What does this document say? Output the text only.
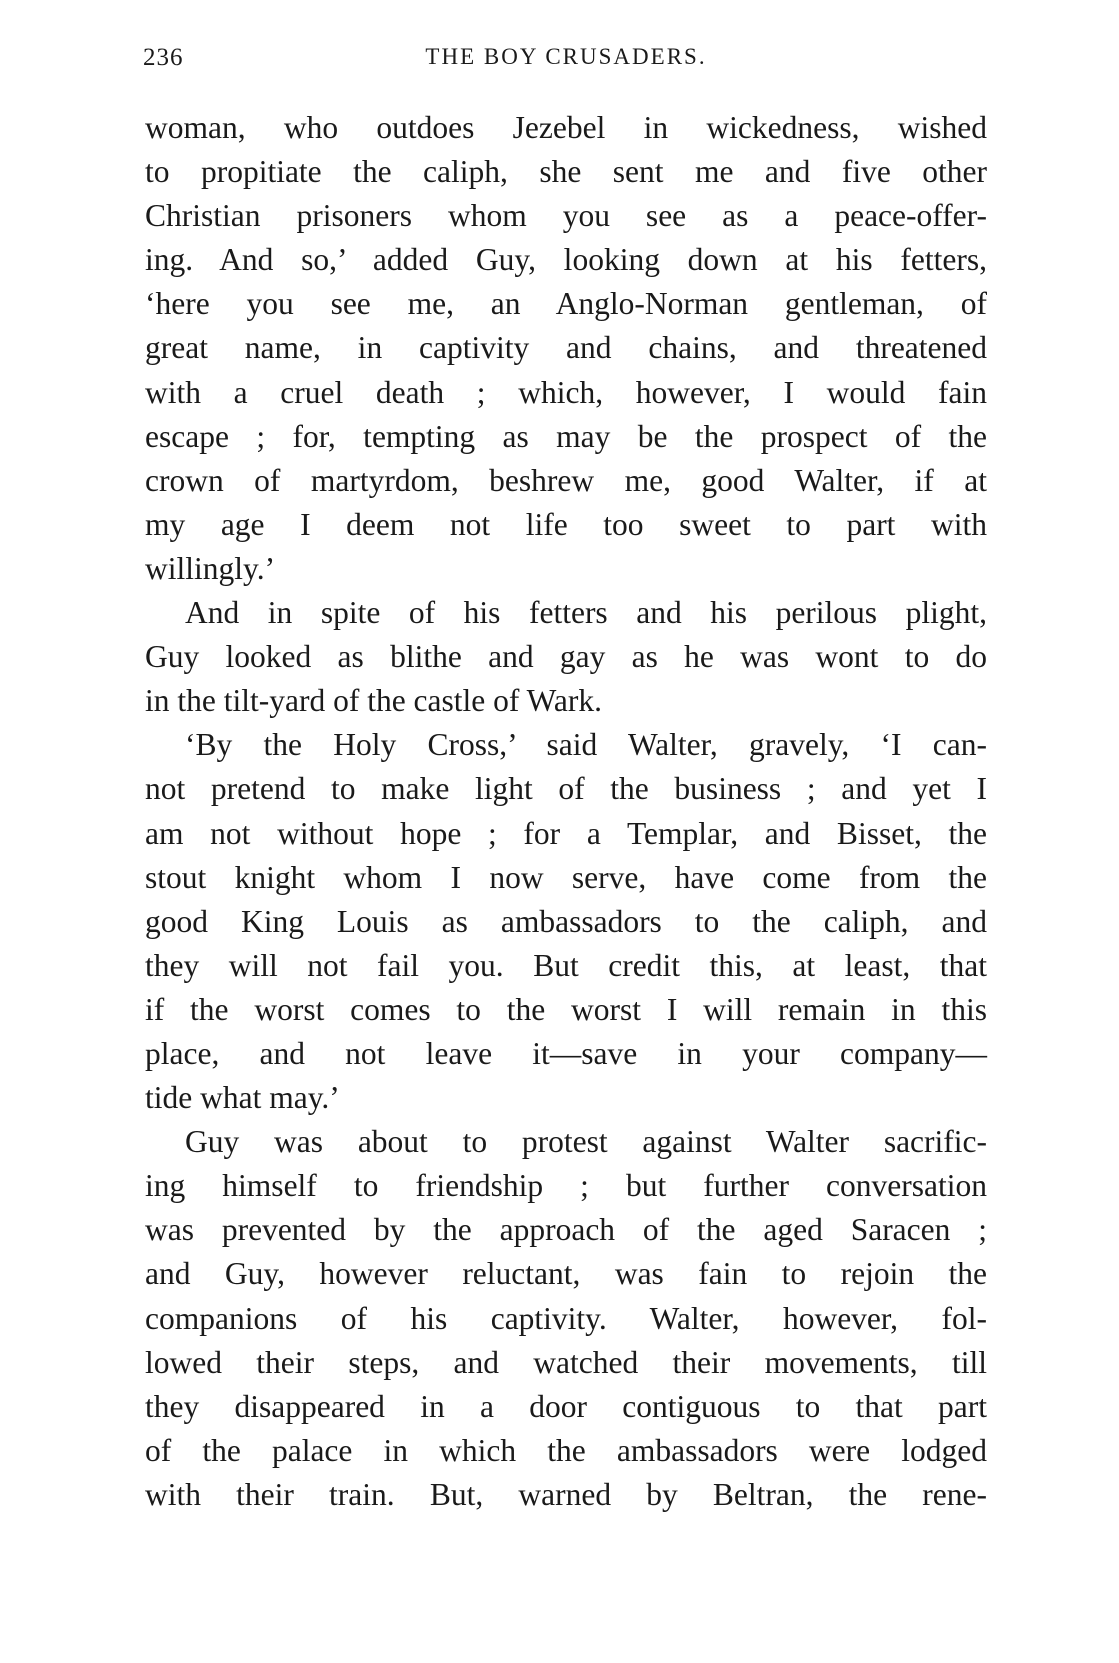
236	THE BOY CRUSADERS.
woman, who outdoes Jezebel in wickedness, wished
to propitiate the caliph, she sent me and five other
Christian prisoners whom you see as a peace-offer-
ing. And so,’ added Guy, looking down at his fetters,
‘here you see me, an Anglo-Norman gentleman, of
great name, in captivity and chains, and threatened
with a cruel death ; which, however, I would fain
escape ; for, tempting as may be the prospect of the
crown of martyrdom, beshrew me, good Walter, if at
my age I deem not life too sweet to part with
willingly.’
And in spite of his fetters and his perilous plight,
Guy looked as blithe and gay as he was wont to do
in the tilt-yard of the castle of Wark.
‘By the Holy Cross,’ said Walter, gravely, ‘I can-
not pretend to make light of the business ; and yet I
am not without hope ; for a Templar, and Bisset, the
stout knight whom I now serve, have come from the
good King Louis as ambassadors to the caliph, and
they will not fail you. But credit this, at least, that
if the worst comes to the worst I will remain in this
place, and not leave it—save in your company—
tide what may.’
Guy was about to protest against Walter sacrific-
ing himself to friendship ; but further conversation
was prevented by the approach of the aged Saracen ;
and Guy, however reluctant, was fain to rejoin the
companions of his captivity. Walter, however, fol-
lowed their steps, and watched their movements, till
they disappeared in a door contiguous to that part
of the palace in which the ambassadors were lodged
with their train. But, warned by Beltran, the rene-
